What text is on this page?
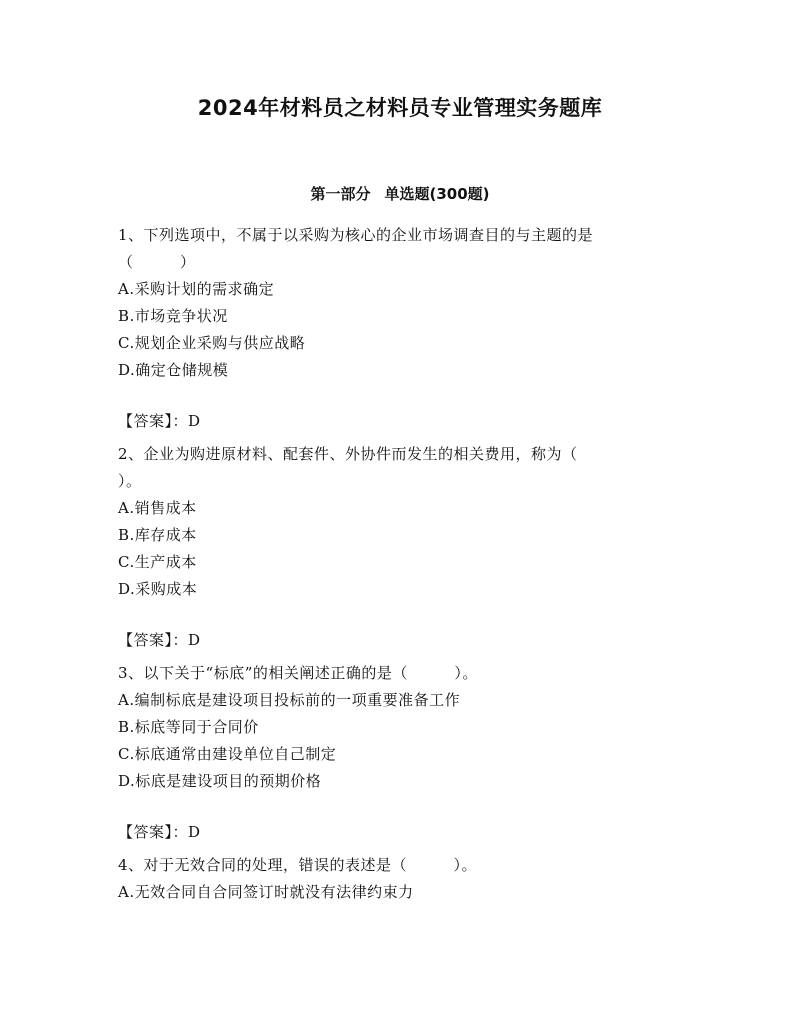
2024年材料员之材料员专业管理实务题库
第一部分 单选题(300题)

1、下列选项中，不属于以采购为核心的企业市场调查目的与主题的是
（　　　）

A.采购计划的需求确定
B.市场竞争状况
C.规划企业采购与供应战略
D.确定仓储规模

【答案】：D

2、企业为购进原材料、配套件、外协件而发生的相关费用，称为（
）。

A.销售成本
B.库存成本
C.生产成本
D.采购成本

【答案】：D

3、以下关于“标底”的相关阐述正确的是（　　　）。

A.编制标底是建设项目投标前的一项重要准备工作
B.标底等同于合同价
C.标底通常由建设单位自己制定
D.标底是建设项目的预期价格

【答案】：D

4、对于无效合同的处理，错误的表述是（　　　）。

A.无效合同自合同签订时就没有法律约束力
